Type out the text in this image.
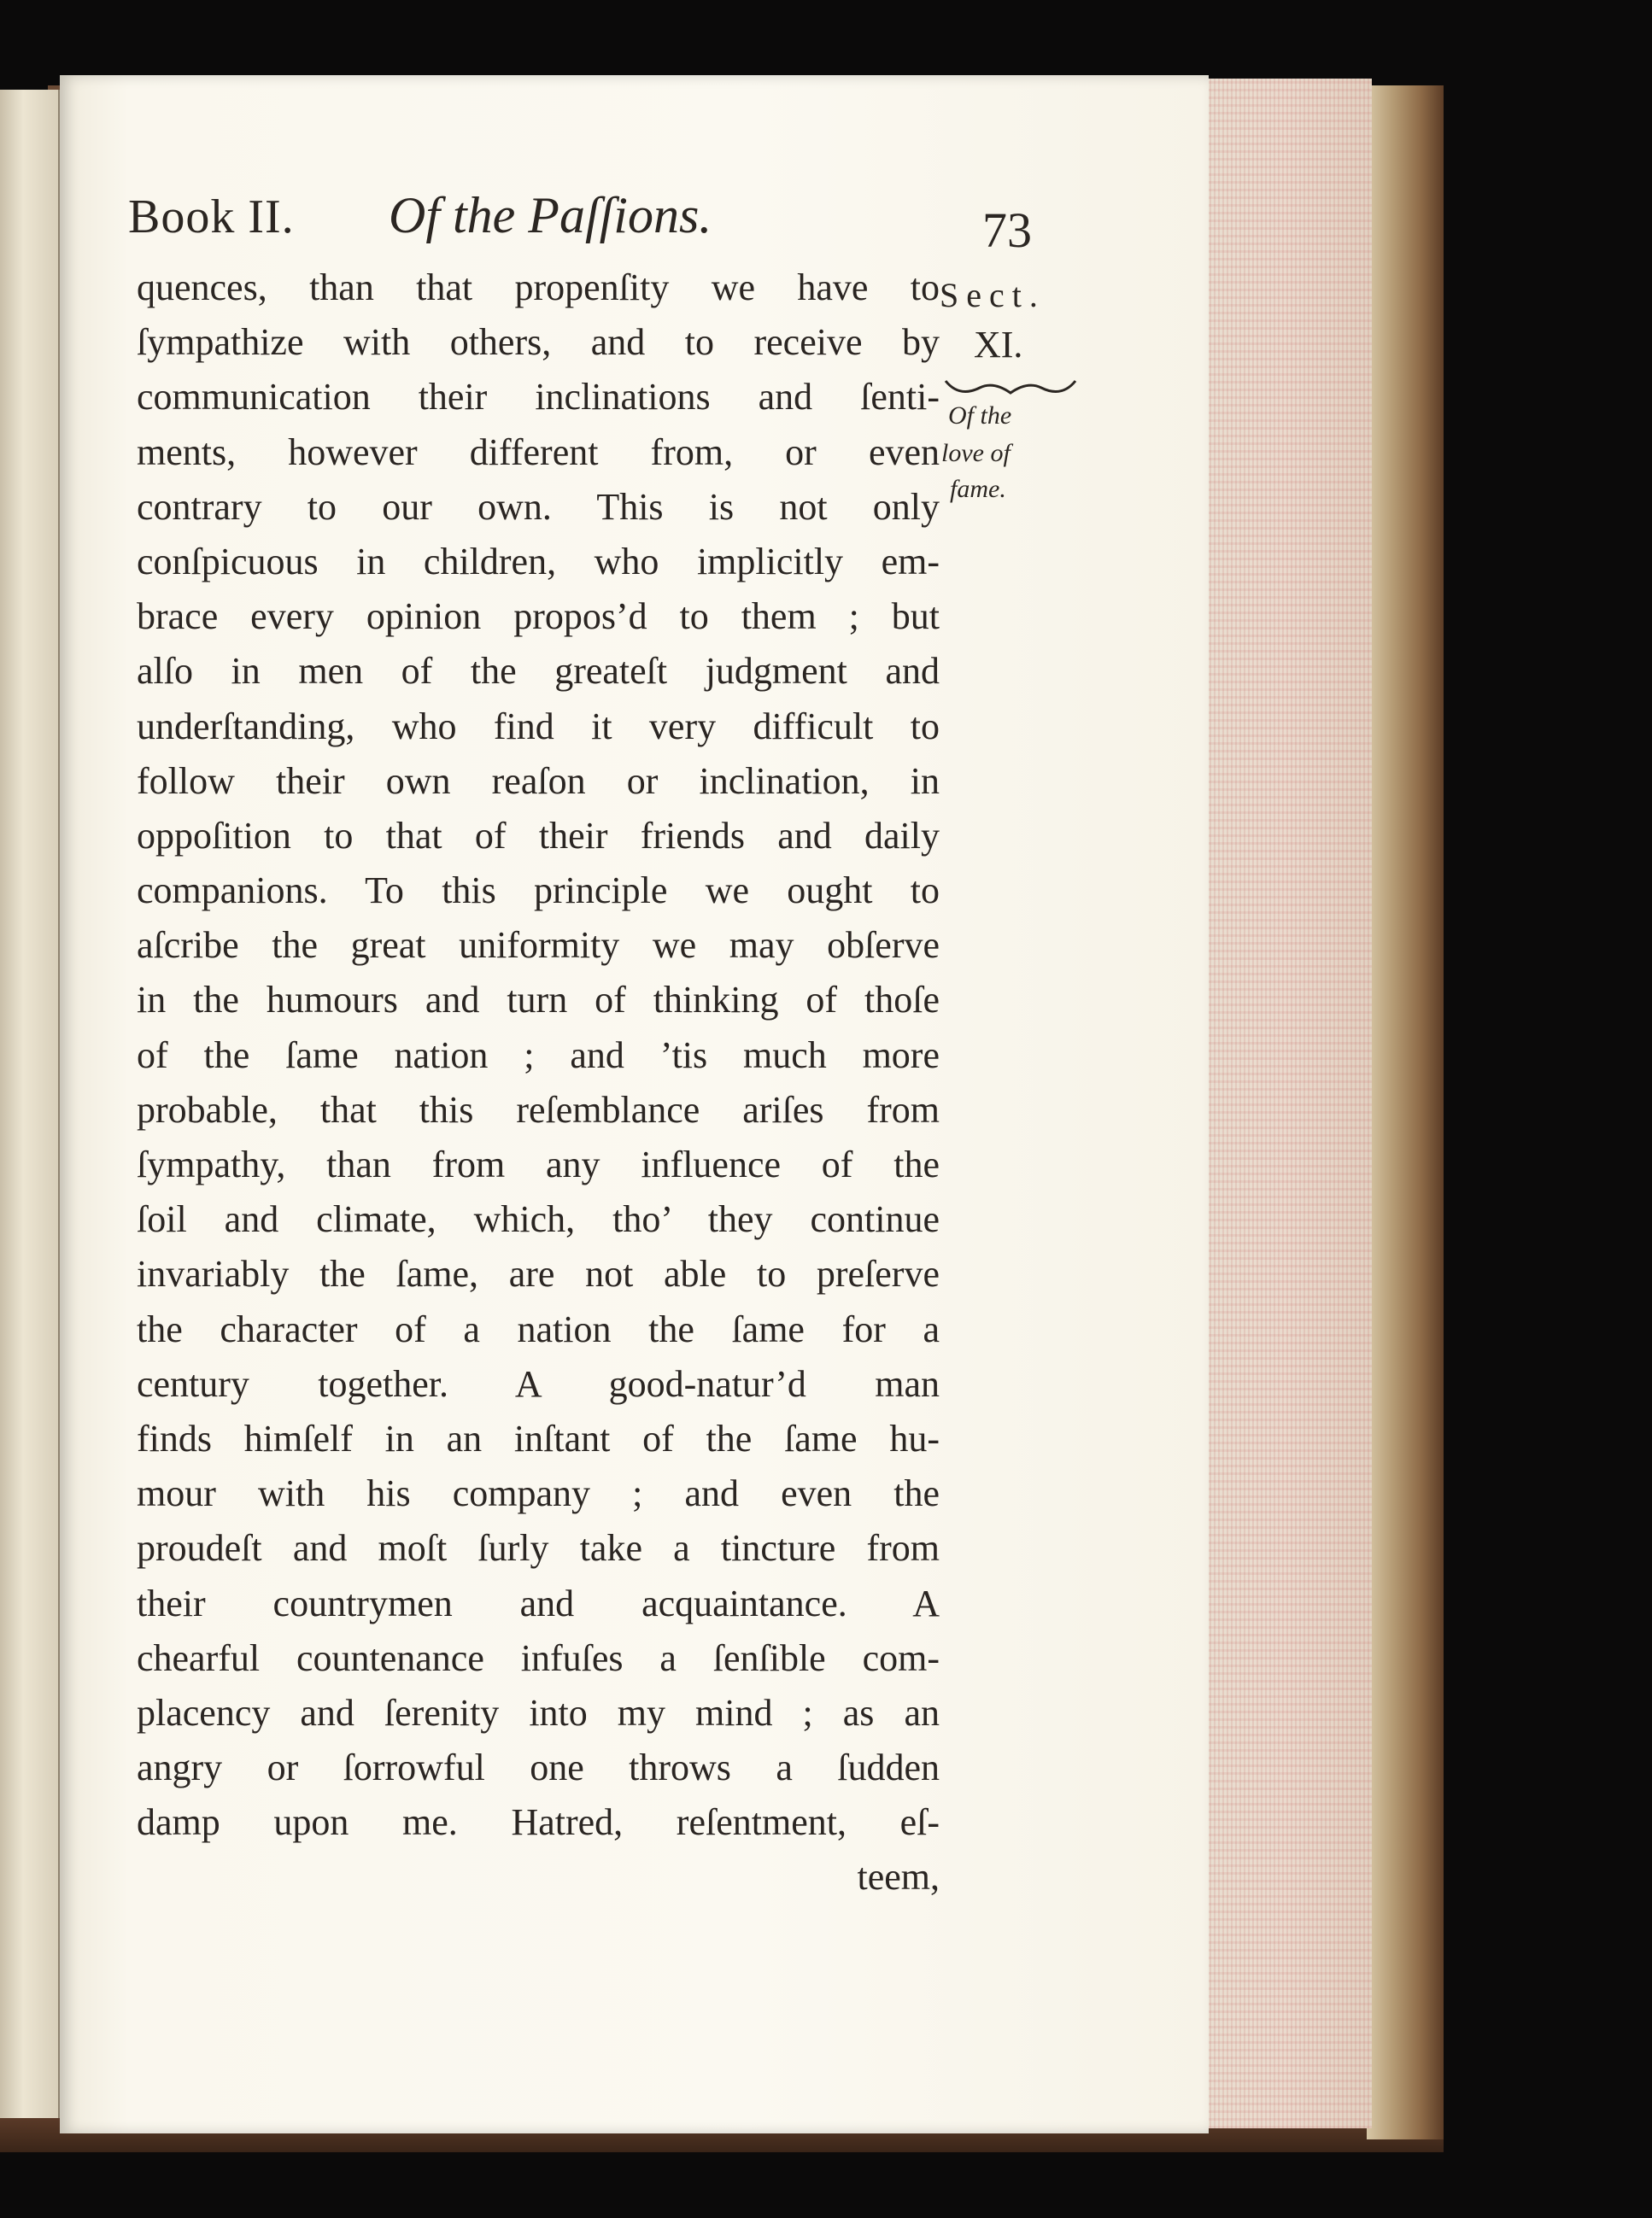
Book II. Of the Paſſions.	73
Sect.
XI.
Of the
love of
fame.
quences, than that propenſity we have to
ſympathize with others, and to receive by
communication their inclinations and ſenti-
ments, however different from, or even
contrary to our own. This is not only
conſpicuous in children, who implicitly em-
brace every opinion propos’d to them ; but
alſo in men of the greateſt judgment and
underſtanding, who find it very difficult to
follow their own reaſon or inclination, in
oppoſition to that of their friends and daily
companions. To this principle we ought to
aſcribe the great uniformity we may obſerve
in the humours and turn of thinking of thoſe
of the ſame nation ; and ’tis much more
probable, that this reſemblance ariſes from
ſympathy, than from any influence of the
ſoil and climate, which, tho’ they continue
invariably the ſame, are not able to preſerve
the character of a nation the ſame for a
century together. A good-natur’d man
finds himſelf in an inſtant of the ſame hu-
mour with his company ; and even the
proudeſt and moſt ſurly take a tincture from
their countrymen and acquaintance. A
chearful countenance infuſes a ſenſible com-
placency and ſerenity into my mind ; as an
angry or ſorrowful one throws a ſudden
damp upon me. Hatred, reſentment, eſ-
teem,
